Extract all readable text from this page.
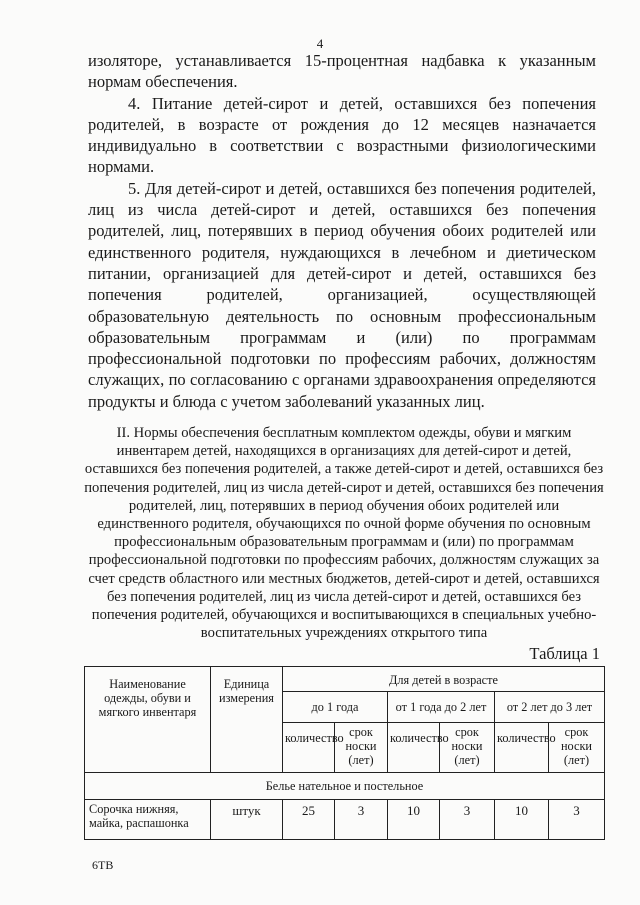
4

изоляторе, устанавливается 15-процентная надбавка к указанным нормам обеспечения.

4. Питание детей-сирот и детей, оставшихся без попечения родителей, в возрасте от рождения до 12 месяцев назначается индивидуально в соответствии с возрастными физиологическими нормами.

5. Для детей-сирот и детей, оставшихся без попечения родителей, лиц из числа детей-сирот и детей, оставшихся без попечения родителей, лиц, потерявших в период обучения обоих родителей или единственного родителя, нуждающихся в лечебном и диетическом питании, организацией для детей-сирот и детей, оставшихся без попечения родителей, организацией, осуществляющей образовательную деятельность по основным профессиональным образовательным программам и (или) по программам профессиональной подготовки по профессиям рабочих, должностям служащих, по согласованию с органами здравоохранения определяются продукты и блюда с учетом заболеваний указанных лиц.

II. Нормы обеспечения бесплатным комплектом одежды, обуви и мягким инвентарем детей, находящихся в организациях для детей-сирот и детей, оставшихся без попечения родителей, а также детей-сирот и детей, оставшихся без попечения родителей, лиц из числа детей-сирот и детей, оставшихся без попечения родителей, лиц, потерявших в период обучения обоих родителей или единственного родителя, обучающихся по очной форме обучения по основным профессиональным образовательным программам и (или) по программам профессиональной подготовки по профессиям рабочих, должностям служащих за счет средств областного или местных бюджетов, детей-сирот и детей, оставшихся без попечения родителей, лиц из числа детей-сирот и детей, оставшихся без попечения родителей, обучающихся и воспитывающихся в специальных учебно-воспитательных учреждениях открытого типа
Таблица 1
Наименование одежды, обуви и мягкого инвентаря	Единица измерения	Для детей в возрасте					
		до 1 года		от 1 года до 2 лет		от 2 лет до 3 лет	
		количество	срок носки (лет)	количество	срок носки (лет)	количество	срок носки (лет)
Белье нательное и постельное							
Сорочка нижняя, майка, распашонка	штук	25	3	10	3	10	3
6ТВ
